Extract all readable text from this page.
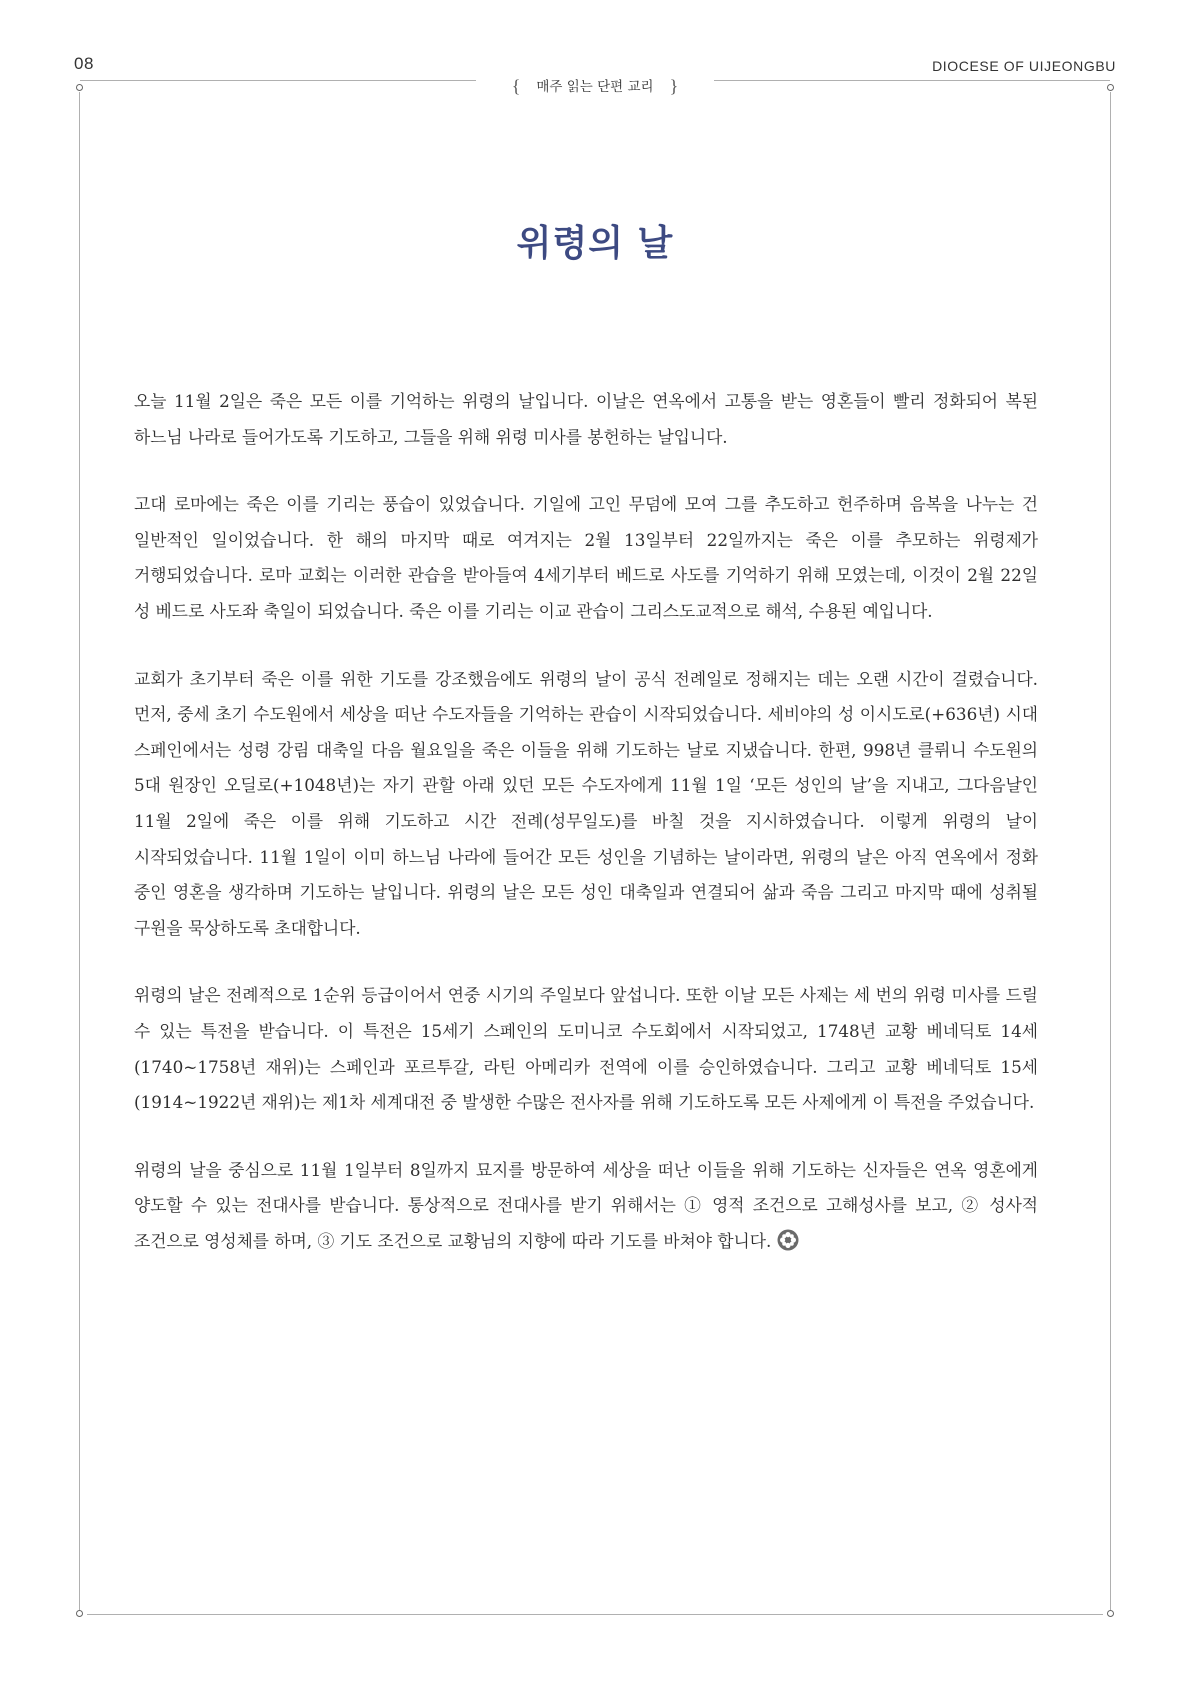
08	DIOCESE OF UIJEONGBU
{ 매주 읽는 단편 교리 }
위령의 날

오늘 11월 2일은 죽은 모든 이를 기억하는 위령의 날입니다. 이날은 연옥에서 고통을 받는 영혼들이 빨리 정화되어 복된 하느님 나라로 들어가도록 기도하고, 그들을 위해 위령 미사를 봉헌하는 날입니다.

고대 로마에는 죽은 이를 기리는 풍습이 있었습니다. 기일에 고인 무덤에 모여 그를 추도하고 헌주하며 음복을 나누는 건 일반적인 일이었습니다. 한 해의 마지막 때로 여겨지는 2월 13일부터 22일까지는 죽은 이를 추모하는 위령제가 거행되었습니다. 로마 교회는 이러한 관습을 받아들여 4세기부터 베드로 사도를 기억하기 위해 모였는데, 이것이 2월 22일 성 베드로 사도좌 축일이 되었습니다. 죽은 이를 기리는 이교 관습이 그리스도교적으로 해석, 수용된 예입니다.

교회가 초기부터 죽은 이를 위한 기도를 강조했음에도 위령의 날이 공식 전례일로 정해지는 데는 오랜 시간이 걸렸습니다. 먼저, 중세 초기 수도원에서 세상을 떠난 수도자들을 기억하는 관습이 시작되었습니다. 세비야의 성 이시도로(+636년) 시대 스페인에서는 성령 강림 대축일 다음 월요일을 죽은 이들을 위해 기도하는 날로 지냈습니다. 한편, 998년 클뤼니 수도원의 5대 원장인 오딜로(+1048년)는 자기 관할 아래 있던 모든 수도자에게 11월 1일 ‘모든 성인의 날’을 지내고, 그다음날인 11월 2일에 죽은 이를 위해 기도하고 시간 전례(성무일도)를 바칠 것을 지시하였습니다. 이렇게 위령의 날이 시작되었습니다. 11월 1일이 이미 하느님 나라에 들어간 모든 성인을 기념하는 날이라면, 위령의 날은 아직 연옥에서 정화 중인 영혼을 생각하며 기도하는 날입니다. 위령의 날은 모든 성인 대축일과 연결되어 삶과 죽음 그리고 마지막 때에 성취될 구원을 묵상하도록 초대합니다.

위령의 날은 전례적으로 1순위 등급이어서 연중 시기의 주일보다 앞섭니다. 또한 이날 모든 사제는 세 번의 위령 미사를 드릴 수 있는 특전을 받습니다. 이 특전은 15세기 스페인의 도미니코 수도회에서 시작되었고, 1748년 교황 베네딕토 14세(1740~1758년 재위)는 스페인과 포르투갈, 라틴 아메리카 전역에 이를 승인하였습니다. 그리고 교황 베네딕토 15세(1914~1922년 재위)는 제1차 세계대전 중 발생한 수많은 전사자를 위해 기도하도록 모든 사제에게 이 특전을 주었습니다.

위령의 날을 중심으로 11월 1일부터 8일까지 묘지를 방문하여 세상을 떠난 이들을 위해 기도하는 신자들은 연옥 영혼에게 양도할 수 있는 전대사를 받습니다. 통상적으로 전대사를 받기 위해서는 ① 영적 조건으로 고해성사를 보고, ② 성사적 조건으로 영성체를 하며, ③ 기도 조건으로 교황님의 지향에 따라 기도를 바쳐야 합니다.
